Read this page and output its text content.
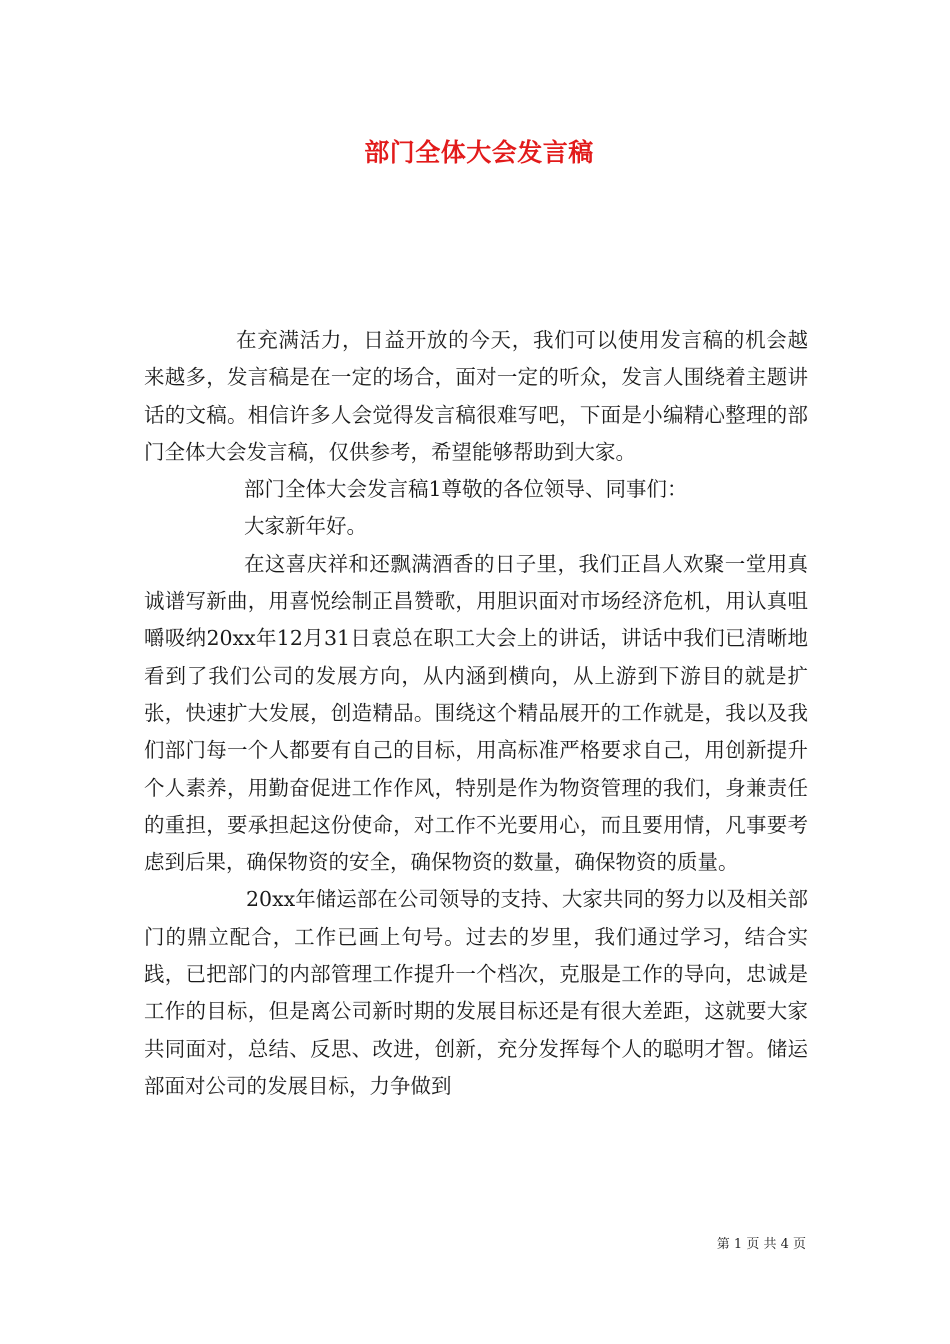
部门全体大会发言稿

在充满活力，日益开放的今天，我们可以使用发言稿的机会越来越多，发言稿是在一定的场合，面对一定的听众，发言人围绕着主题讲话的文稿。相信许多人会觉得发言稿很难写吧，下面是小编精心整理的部门全体大会发言稿，仅供参考，希望能够帮助到大家。

部门全体大会发言稿1尊敬的各位领导、同事们：

大家新年好。

在这喜庆祥和还飘满酒香的日子里，我们正昌人欢聚一堂用真诚谱写新曲，用喜悦绘制正昌赞歌，用胆识面对市场经济危机，用认真咀嚼吸纳20xx年12月31日袁总在职工大会上的讲话，讲话中我们已清晰地看到了我们公司的发展方向，从内涵到横向，从上游到下游目的就是扩张，快速扩大发展，创造精品。围绕这个精品展开的工作就是，我以及我们部门每一个人都要有自己的目标，用高标准严格要求自己，用创新提升个人素养，用勤奋促进工作作风，特别是作为物资管理的我们，身兼责任的重担，要承担起这份使命，对工作不光要用心，而且要用情，凡事要考虑到后果，确保物资的安全，确保物资的数量，确保物资的质量。

20xx年储运部在公司领导的支持、大家共同的努力以及相关部门的鼎立配合，工作已画上句号。过去的岁里，我们通过学习，结合实践，已把部门的内部管理工作提升一个档次，克服是工作的导向，忠诚是工作的目标，但是离公司新时期的发展目标还是有很大差距，这就要大家共同面对，总结、反思、改进，创新，充分发挥每个人的聪明才智。储运部面对公司的发展目标，力争做到

第 1 页 共 4 页
